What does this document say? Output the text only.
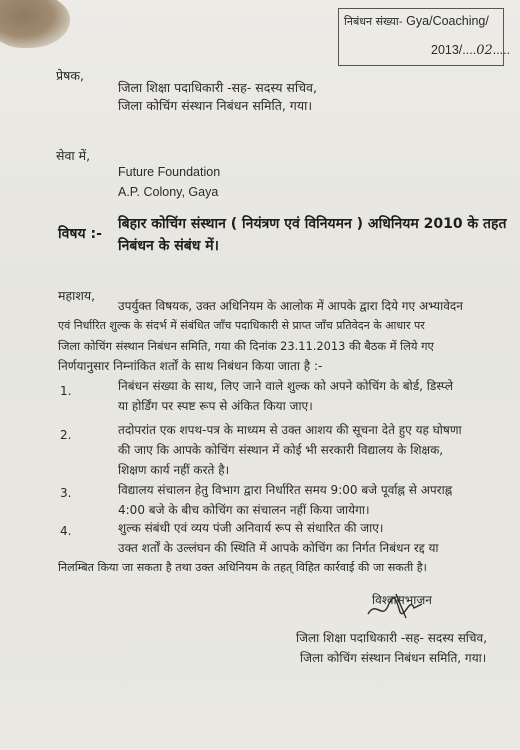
निबंधन संख्या- Gya/Coaching/
2013/....02.....
प्रेषक,
जिला शिक्षा पदाधिकारी -सह- सदस्य सचिव,
जिला कोचिंग संस्थान निबंधन समिति, गया।
सेवा में,
Future Foundation
A.P. Colony, Gaya
विषय :-
बिहार कोचिंग संस्थान ( नियंत्रण एवं विनियमन ) अधिनियम 2010 के तहत
निबंधन के संबंध में।
महाशय,
उपर्युक्त विषयक, उक्त अधिनियम के आलोक में आपके द्वारा दिये गए अभ्यावेदन
एवं निर्धारित शुल्क के संदर्भ में संबंधित जाँच पदाधिकारी से प्राप्त जाँच प्रतिवेदन के आधार पर
जिला कोचिंग संस्थान निबंधन समिति, गया की दिनांक 23.11.2013 की बैठक में लिये गए
निर्णयानुसार निम्नांकित शर्तों के साथ निबंधन किया जाता है :-
1.	निबंधन संख्या के साथ, लिए जाने वाले शुल्क को अपने कोचिंग के बोर्ड, डिस्प्ले
या होर्डिंग पर स्पष्ट रूप से अंकित किया जाए।
2.	तदोपरांत एक शपथ-पत्र के माध्यम से उक्त आशय की सूचना देते हुए यह घोषणा
की जाए कि आपके कोचिंग संस्थान में कोई भी सरकारी विद्यालय के शिक्षक,
शिक्षण कार्य नहीं करते है।
3.	विद्यालय संचालन हेतु विभाग द्वारा निर्धारित समय 9:00 बजे पूर्वाह्न से अपराह्न
4:00 बजे के बीच कोचिंग का संचालन नहीं किया जायेगा।
4.	शुल्क संबंधी एवं व्यय पंजी अनिवार्य रूप से संधारित की जाए।
उक्त शर्तों के उल्लंघन की स्थिति में आपके कोचिंग का निर्गत निबंधन रद्द या
निलम्बित किया जा सकता है तथा उक्त अधिनियम के तहत् विहित कार्रवाई की जा सकती है।
विश्वासभाजन
जिला शिक्षा पदाधिकारी -सह- सदस्य सचिव,
जिला कोचिंग संस्थान निबंधन समिति, गया।
